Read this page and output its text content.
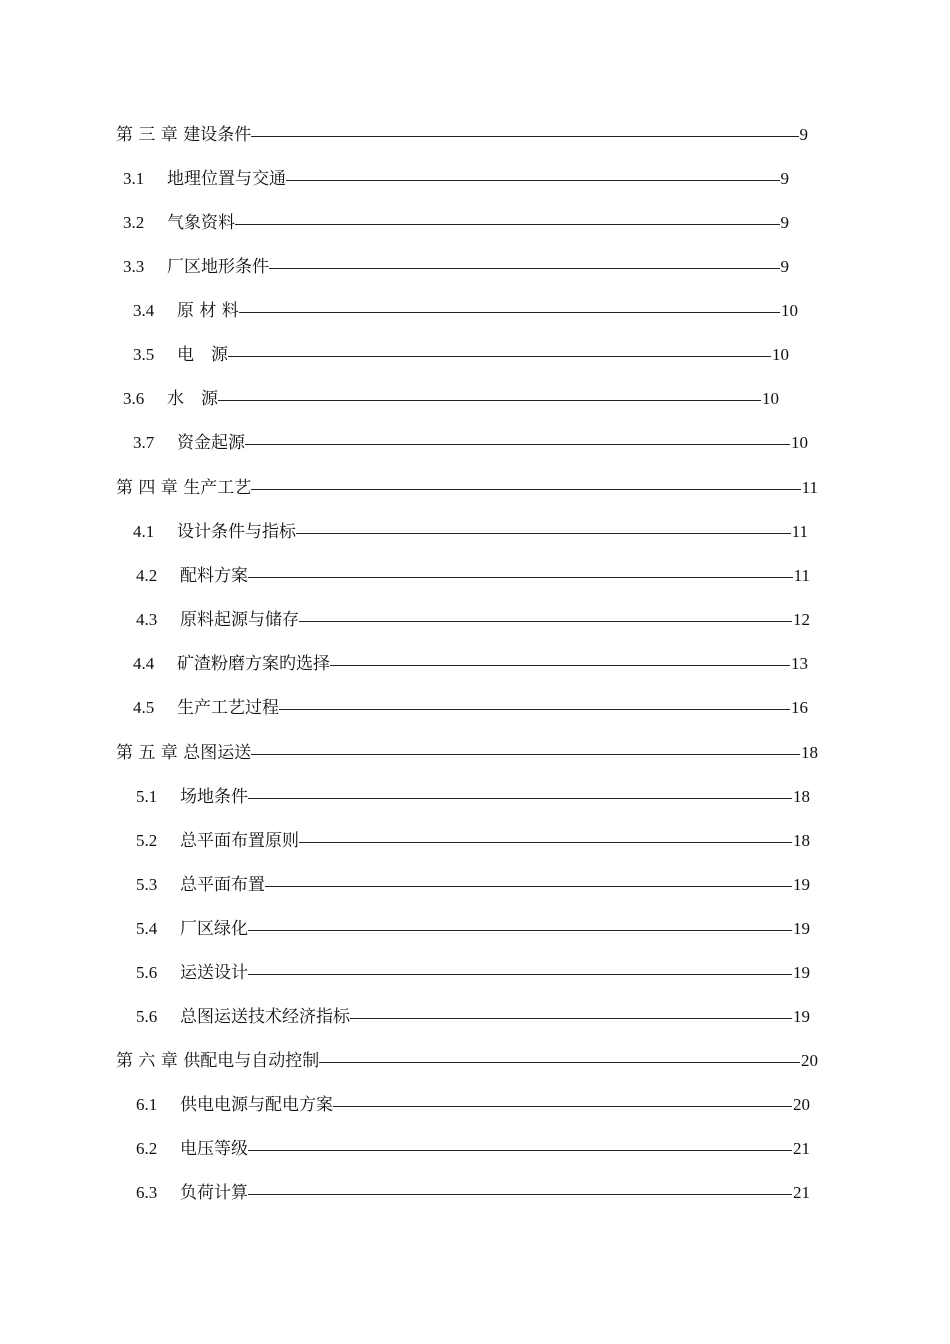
第 三 章 建设条件	9
3.1	地理位置与交通	9
3.2	气象资料	9
3.3	厂区地形条件	9
3.4	原 材 料	10
3.5	电　源	10
3.6	水　源	10
3.7	资金起源	10
第 四 章 生产工艺	11
4.1	设计条件与指标	11
4.2	配料方案	11
4.3	原料起源与储存	12
4.4	矿渣粉磨方案旳选择	13
4.5	生产工艺过程	16
第 五 章 总图运送	18
5.1	场地条件	18
5.2	总平面布置原则	18
5.3	总平面布置	19
5.4	厂区绿化	19
5.6	运送设计	19
5.6	总图运送技术经济指标	19
第 六 章 供配电与自动控制	20
6.1	供电电源与配电方案	20
6.2	电压等级	21
6.3	负荷计算	21
